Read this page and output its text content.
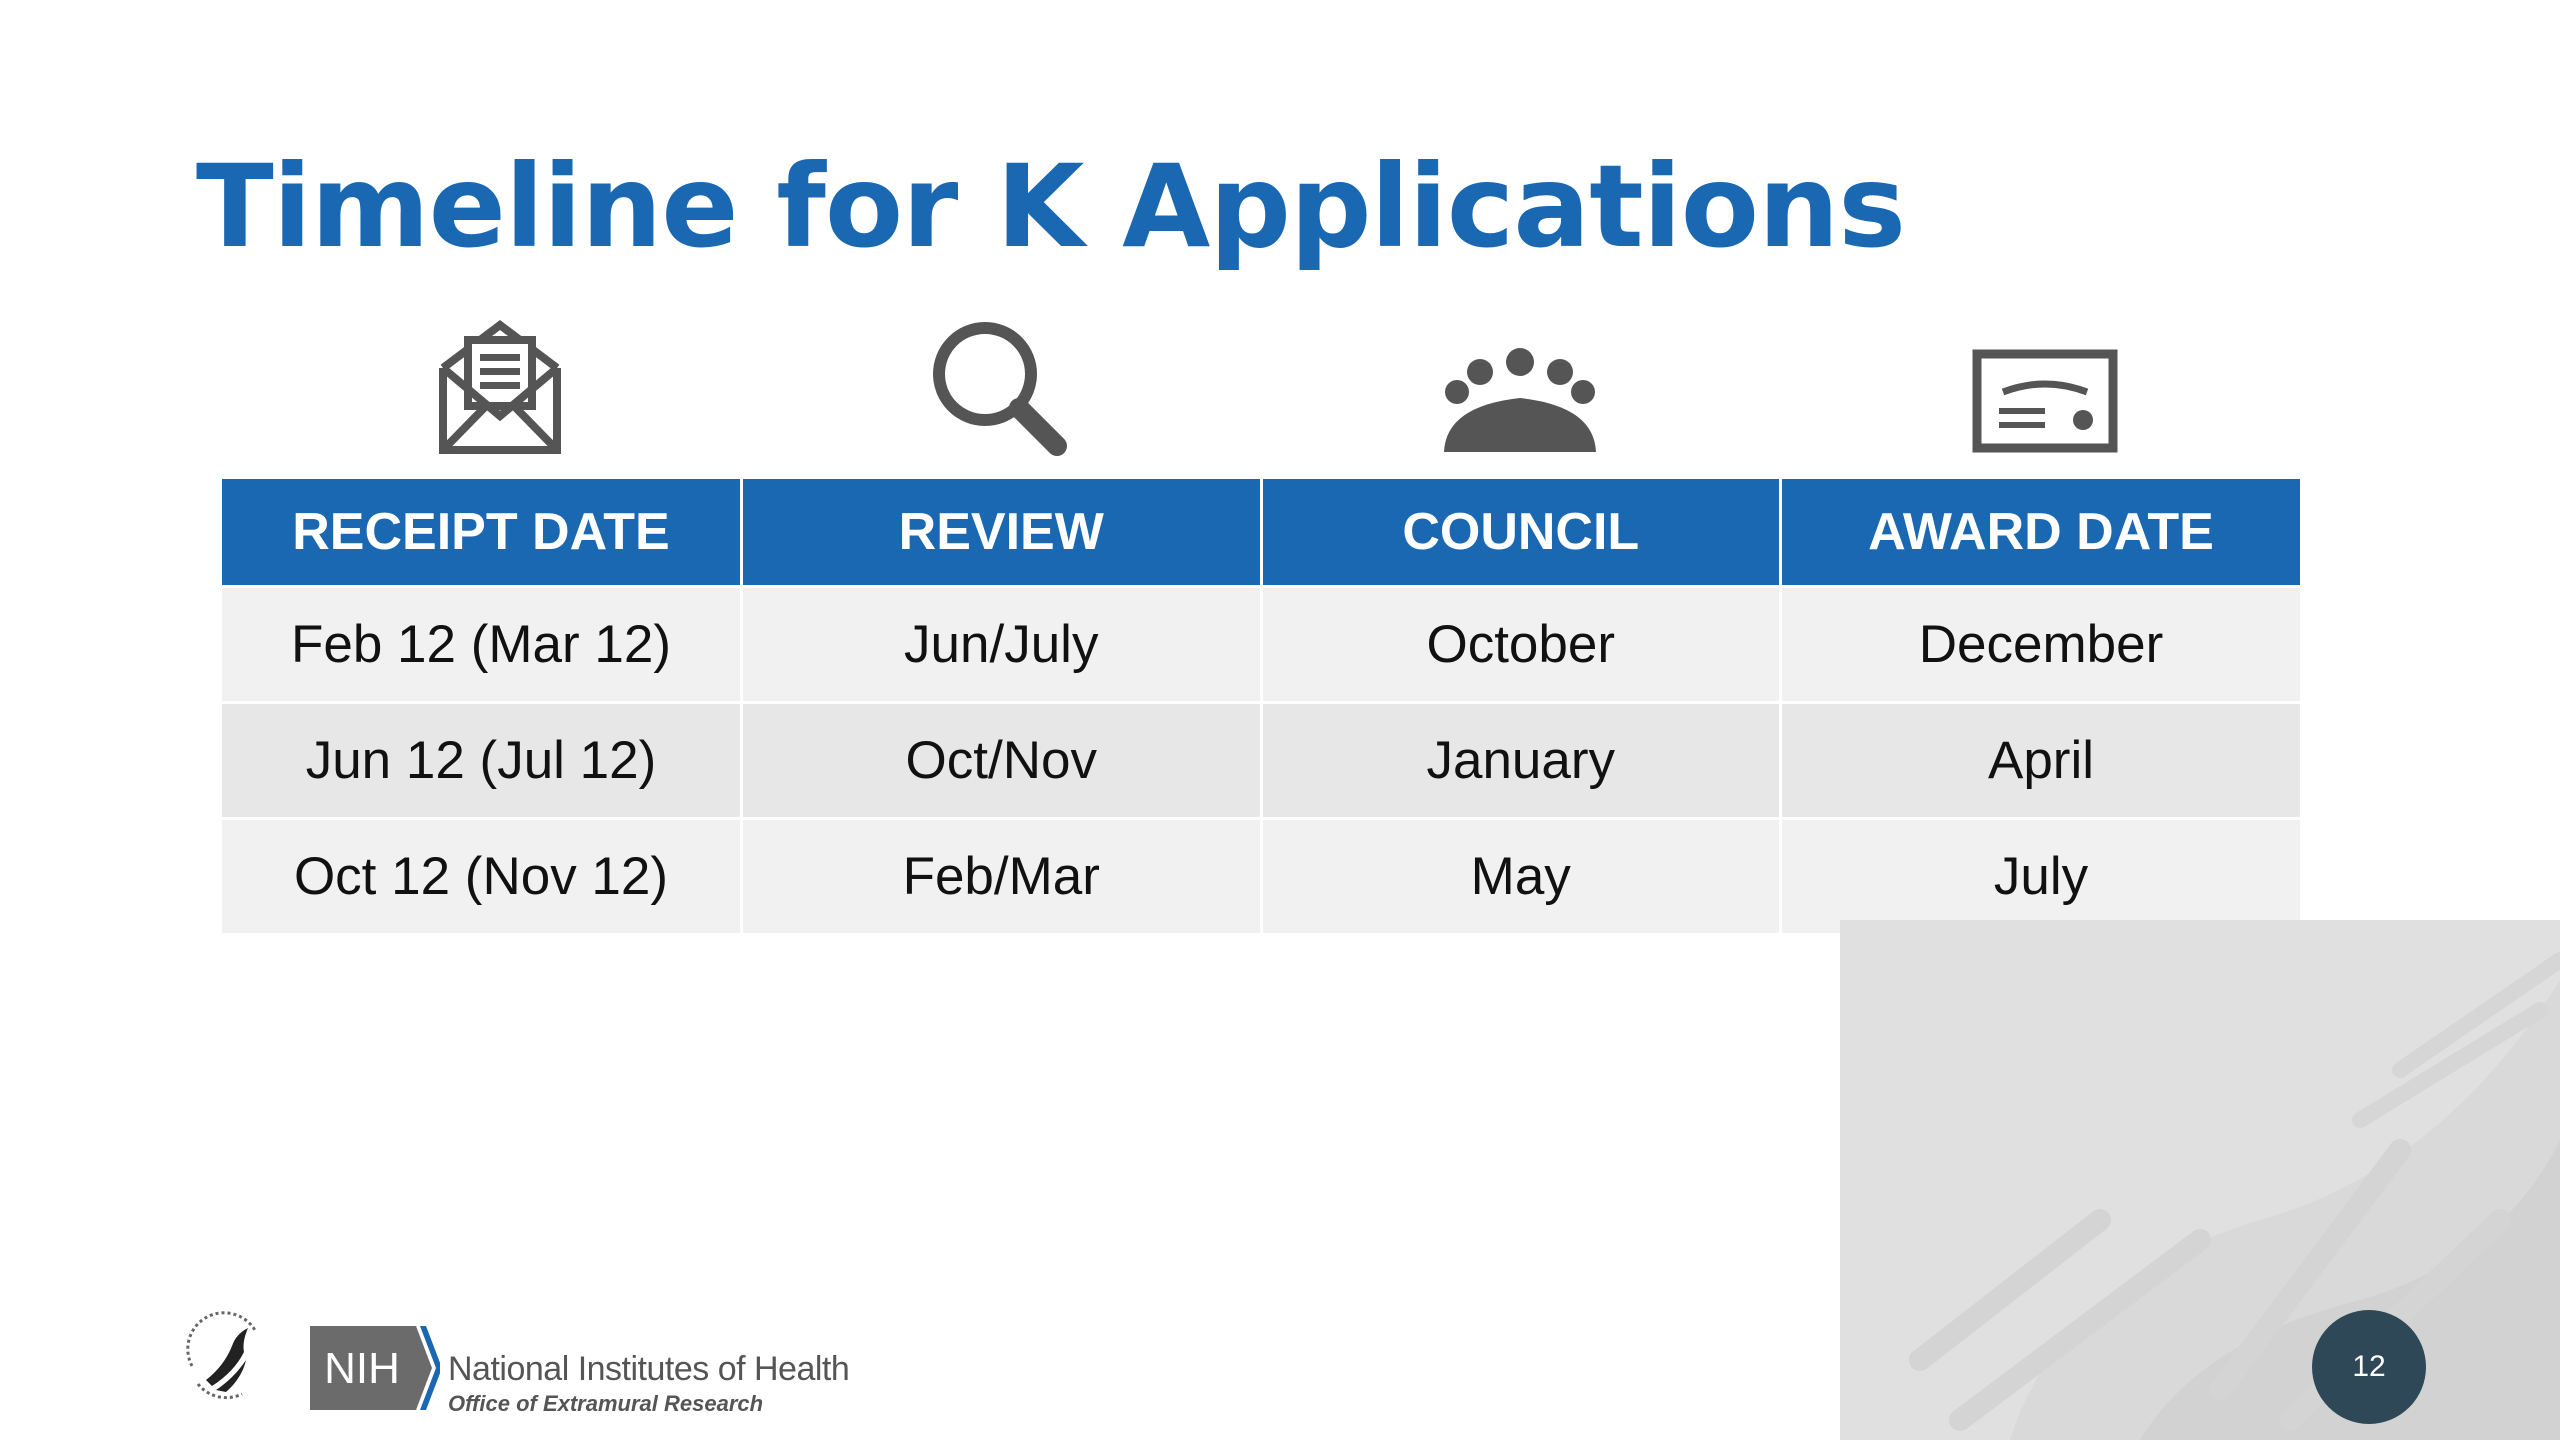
Timeline for K Applications
RECEIPT DATE	REVIEW	COUNCIL	AWARD DATE
Feb 12 (Mar 12)	Jun/July	October	December
Jun 12 (Jul 12)	Oct/Nov	January	April
Oct 12 (Nov 12)	Feb/Mar	May	July
12
NIH National Institutes of Health
Office of Extramural Research
